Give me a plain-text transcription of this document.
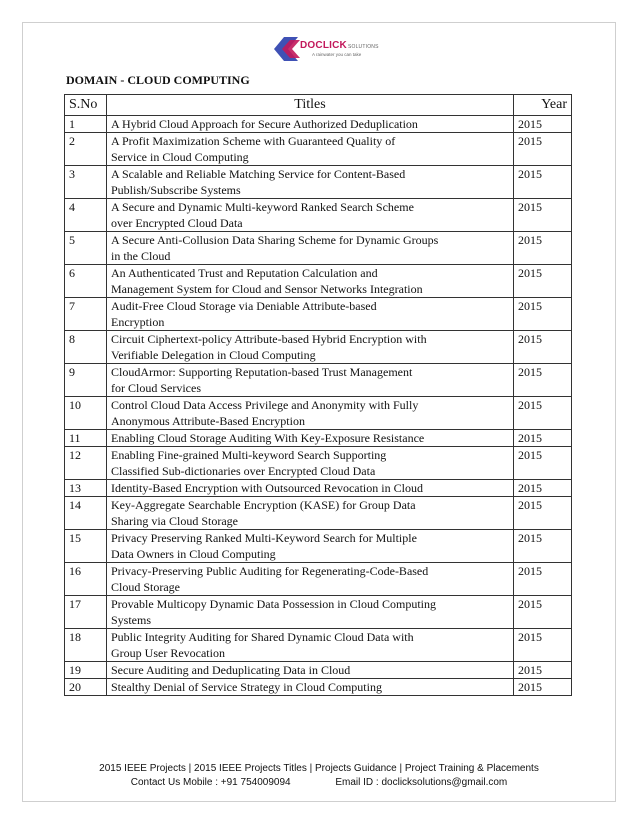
DOCLICKSOLUTIONS
A rainwater you can take
DOMAIN - CLOUD COMPUTING
S.No	Titles	Year
1	A Hybrid Cloud Approach for Secure Authorized Deduplication	2015
2	A Profit Maximization Scheme with Guaranteed Quality of
Service in Cloud Computing	2015
3	A Scalable and Reliable Matching Service for Content-Based
Publish/Subscribe Systems	2015
4	A Secure and Dynamic Multi-keyword Ranked Search Scheme
over Encrypted Cloud Data	2015
5	A Secure Anti-Collusion Data Sharing Scheme for Dynamic Groups
in the Cloud	2015
6	An Authenticated Trust and Reputation Calculation and
Management System for Cloud and Sensor Networks Integration	2015
7	Audit-Free Cloud Storage via Deniable Attribute-based
Encryption	2015
8	Circuit Ciphertext-policy Attribute-based Hybrid Encryption with
Verifiable Delegation in Cloud Computing	2015
9	CloudArmor: Supporting Reputation-based Trust Management
for Cloud Services	2015
10	Control Cloud Data Access Privilege and Anonymity with Fully
Anonymous Attribute-Based Encryption	2015
11	Enabling Cloud Storage Auditing With Key-Exposure Resistance	2015
12	Enabling Fine-grained Multi-keyword Search Supporting
Classified Sub-dictionaries over Encrypted Cloud Data	2015
13	Identity-Based Encryption with Outsourced Revocation in Cloud	2015
14	Key-Aggregate Searchable Encryption (KASE) for Group Data
Sharing via Cloud Storage	2015
15	Privacy Preserving Ranked Multi-Keyword Search for Multiple
Data Owners in Cloud Computing	2015
16	Privacy-Preserving Public Auditing for Regenerating-Code-Based
Cloud Storage	2015
17	Provable Multicopy Dynamic Data Possession in Cloud Computing
Systems	2015
18	Public Integrity Auditing for Shared Dynamic Cloud Data with
Group User Revocation	2015
19	Secure Auditing and Deduplicating Data in Cloud	2015
20	Stealthy Denial of Service Strategy in Cloud Computing	2015
2015 IEEE Projects | 2015 IEEE Projects Titles | Projects Guidance | Project Training & Placements
Contact Us Mobile : +91 754009094	Email ID : doclicksolutions@gmail.com
